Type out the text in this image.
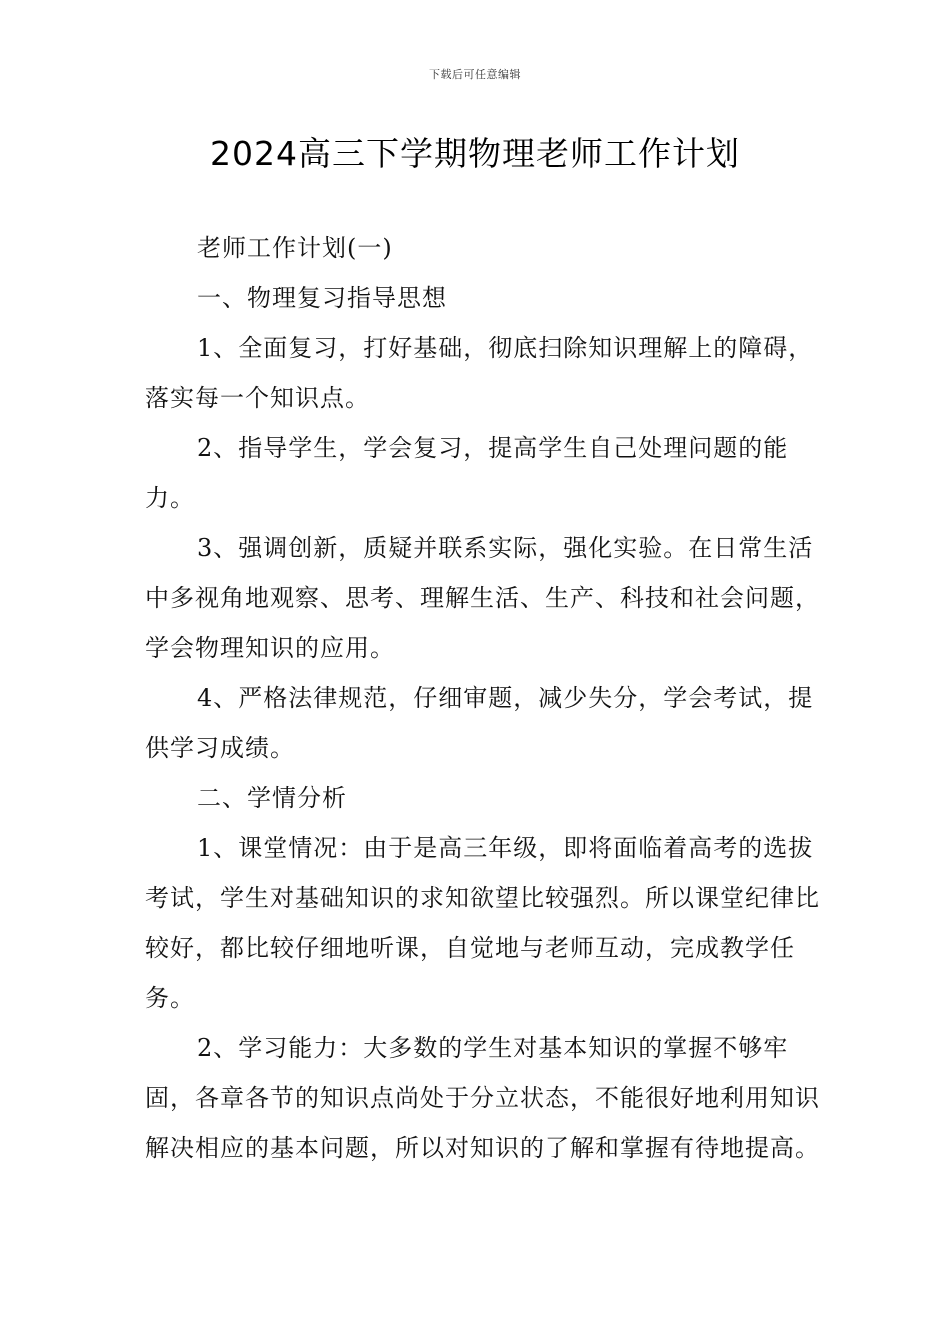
下载后可任意编辑
2024高三下学期物理老师工作计划

老师工作计划(一)

一、物理复习指导思想

1、全面复习，打好基础，彻底扫除知识理解上的障碍，落实每一个知识点。

2、指导学生，学会复习，提高学生自己处理问题的能力。

3、强调创新，质疑并联系实际，强化实验。在日常生活中多视角地观察、思考、理解生活、生产、科技和社会问题，学会物理知识的应用。

4、严格法律规范，仔细审题，减少失分，学会考试，提供学习成绩。

二、学情分析

1、课堂情况：由于是高三年级，即将面临着高考的选拔考试，学生对基础知识的求知欲望比较强烈。所以课堂纪律比较好，都比较仔细地听课，自觉地与老师互动，完成教学任务。

2、学习能力：大多数的学生对基本知识的掌握不够牢固，各章各节的知识点尚处于分立状态，不能很好地利用知识解决相应的基本问题，所以对知识的了解和掌握有待地提高。
